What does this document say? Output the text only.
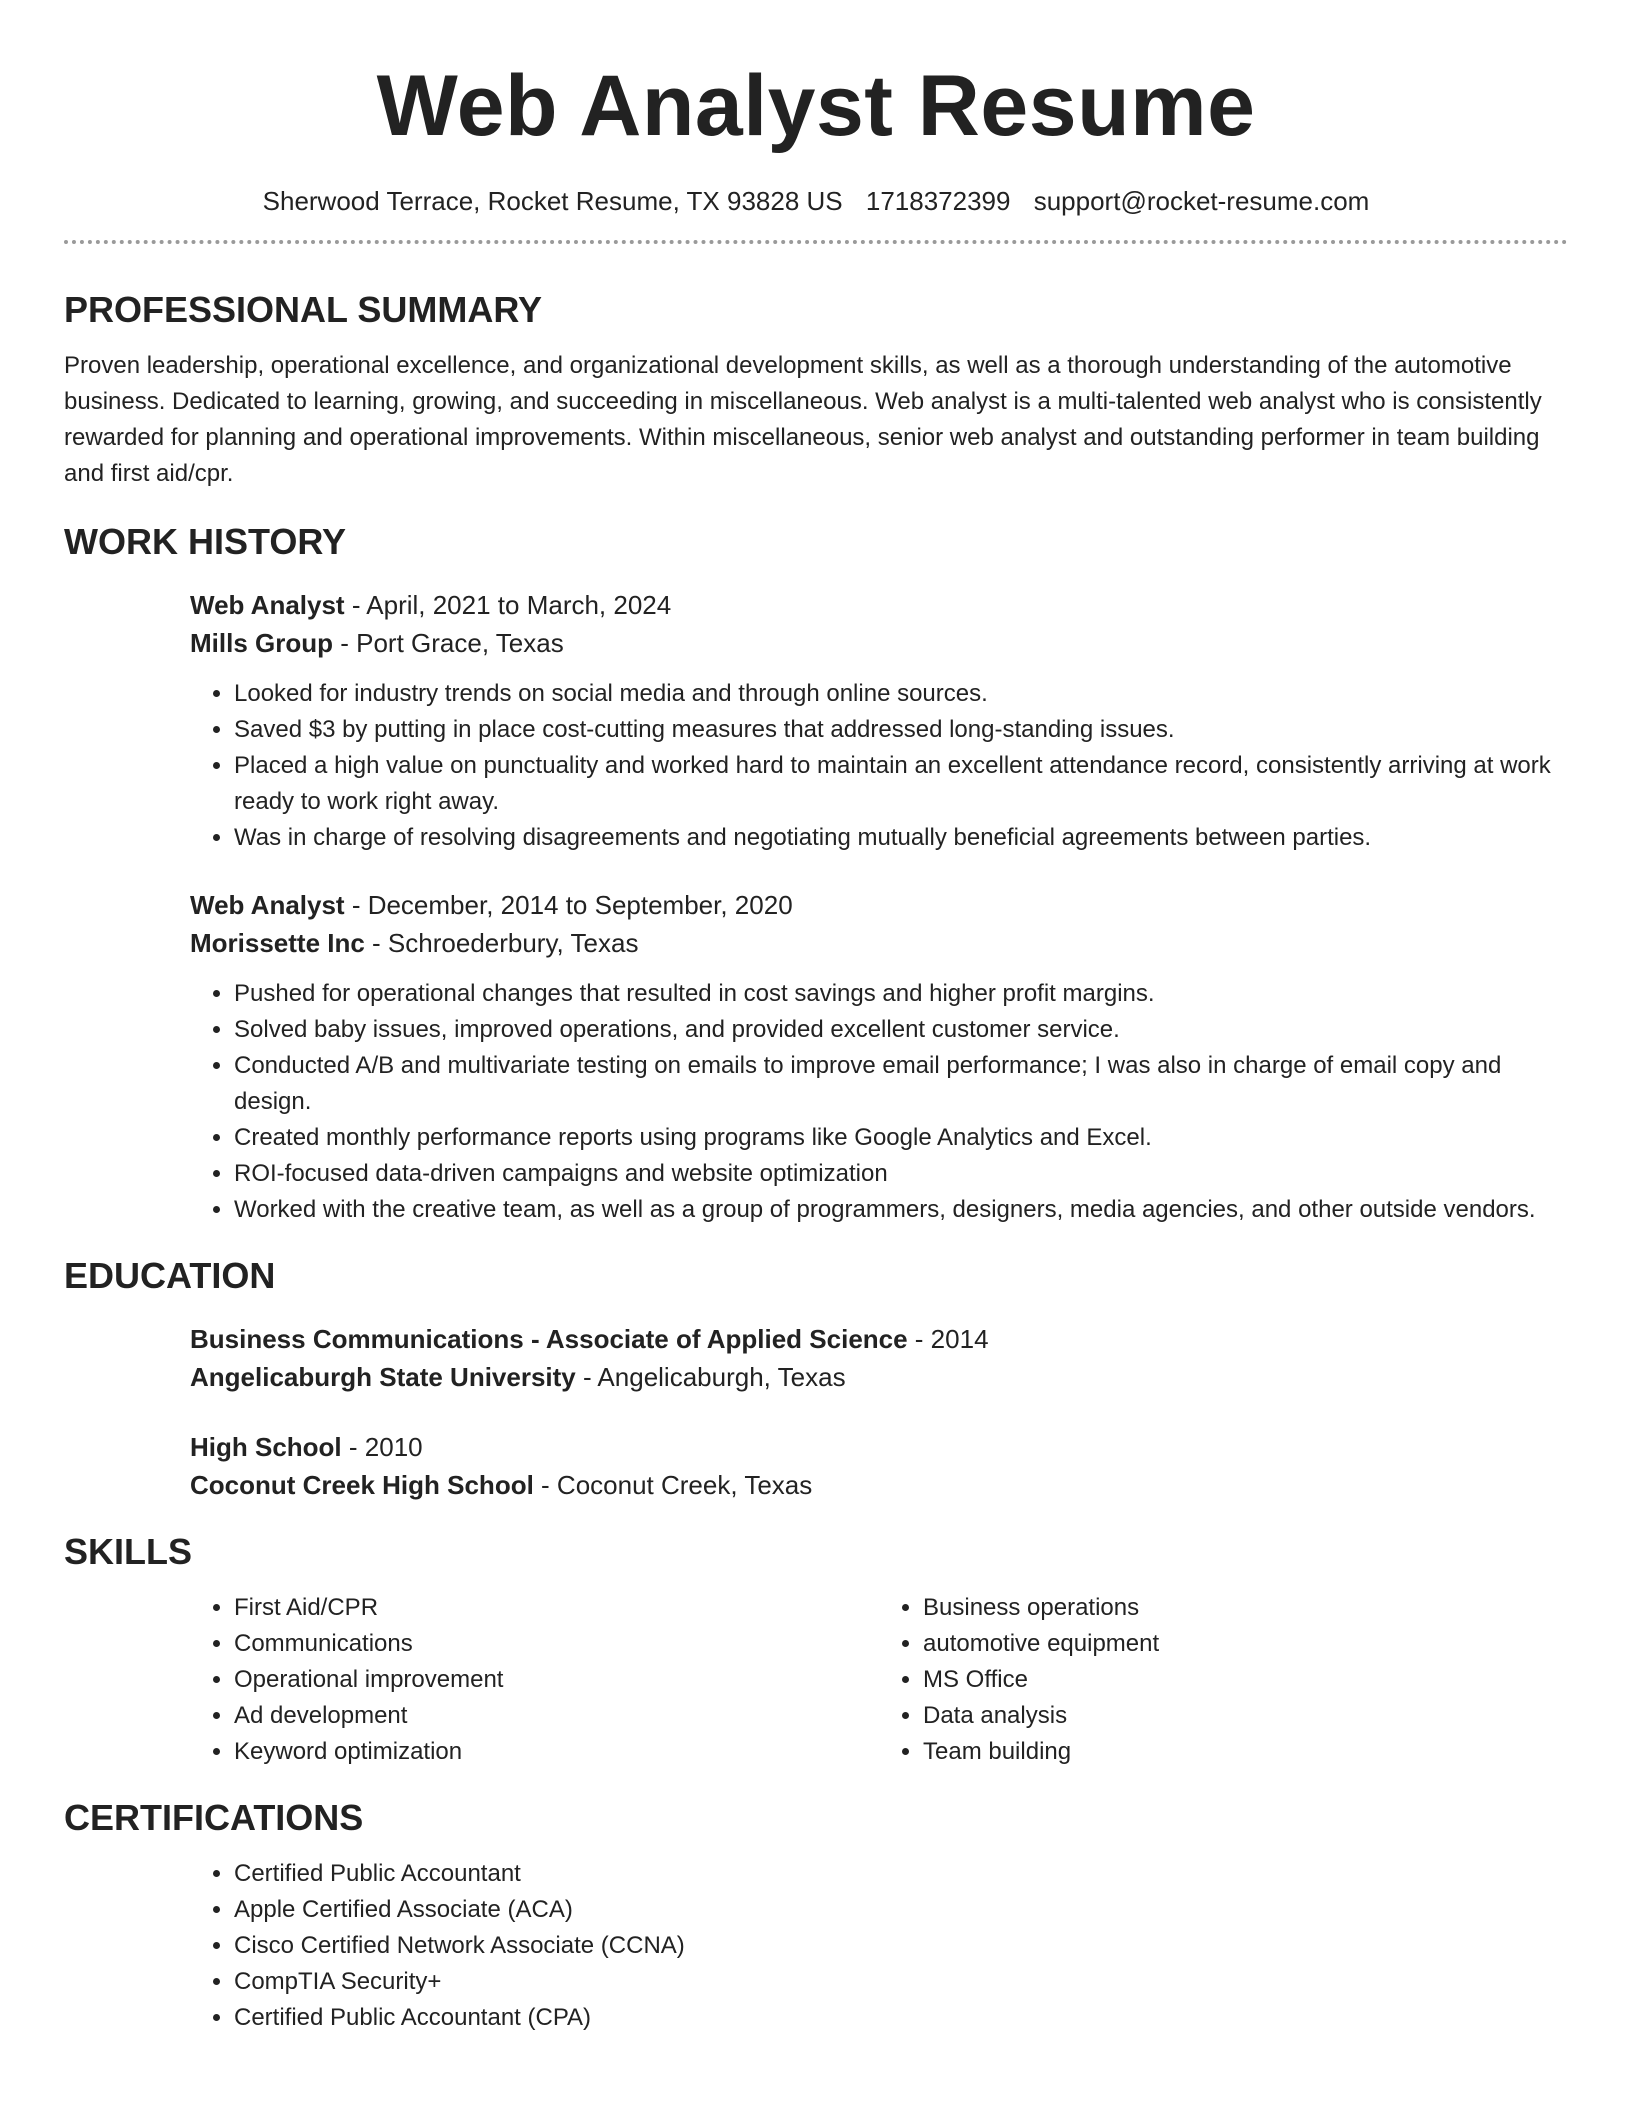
Web Analyst Resume
Sherwood Terrace, Rocket Resume, TX 93828 US 1718372399 support@rocket-resume.com
PROFESSIONAL SUMMARY

Proven leadership, operational excellence, and organizational development skills, as well as a thorough understanding of the automotive business. Dedicated to learning, growing, and succeeding in miscellaneous. Web analyst is a multi-talented web analyst who is consistently rewarded for planning and operational improvements. Within miscellaneous, senior web analyst and outstanding performer in team building and first aid/cpr.

WORK HISTORY
Web Analyst - April, 2021 to March, 2024
Mills Group - Port Grace, Texas
• Looked for industry trends on social media and through online sources.
• Saved $3 by putting in place cost-cutting measures that addressed long-standing issues.
• Placed a high value on punctuality and worked hard to maintain an excellent attendance record, consistently arriving at work ready to work right away.
• Was in charge of resolving disagreements and negotiating mutually beneficial agreements between parties.
Web Analyst - December, 2014 to September, 2020
Morissette Inc - Schroederbury, Texas
• Pushed for operational changes that resulted in cost savings and higher profit margins.
• Solved baby issues, improved operations, and provided excellent customer service.
• Conducted A/B and multivariate testing on emails to improve email performance; I was also in charge of email copy and design.
• Created monthly performance reports using programs like Google Analytics and Excel.
• ROI-focused data-driven campaigns and website optimization
• Worked with the creative team, as well as a group of programmers, designers, media agencies, and other outside vendors.
EDUCATION
Business Communications - Associate of Applied Science - 2014
Angelicaburgh State University - Angelicaburgh, Texas
High School - 2010
Coconut Creek High School - Coconut Creek, Texas
SKILLS
• First Aid/CPR
• Communications
• Operational improvement
• Ad development
• Keyword optimization
• Business operations
• automotive equipment
• MS Office
• Data analysis
• Team building
CERTIFICATIONS
• Certified Public Accountant
• Apple Certified Associate (ACA)
• Cisco Certified Network Associate (CCNA)
• CompTIA Security+
• Certified Public Accountant (CPA)
